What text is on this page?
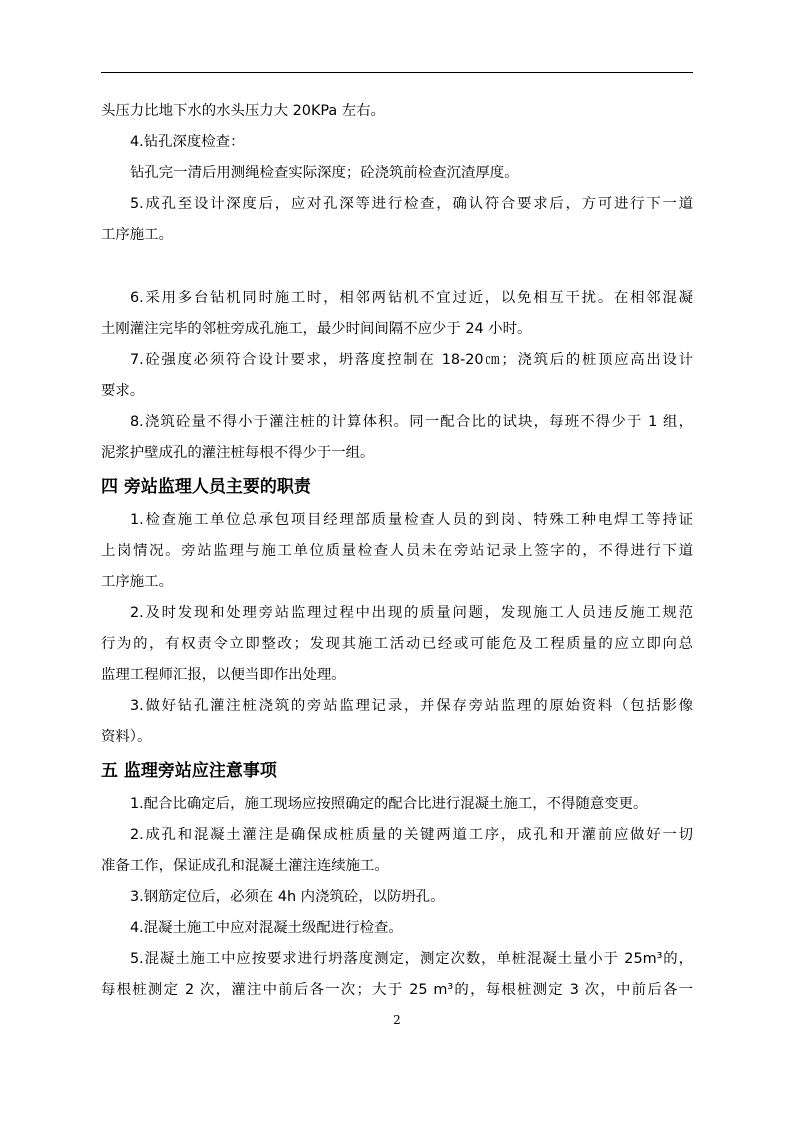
头压力比地下水的水头压力大 20KPa 左右。
4.钻孔深度检查：
钻孔完一清后用测绳检查实际深度；砼浇筑前检查沉渣厚度。
5.成孔至设计深度后，应对孔深等进行检查，确认符合要求后，方可进行下一道
工序施工。
6.采用多台钻机同时施工时，相邻两钻机不宜过近，以免相互干扰。在相邻混凝
土刚灌注完毕的邻桩旁成孔施工，最少时间间隔不应少于 24 小时。
7.砼强度必须符合设计要求，坍落度控制在 18-20㎝；浇筑后的桩顶应高出设计
要求。
8.浇筑砼量不得小于灌注桩的计算体积。同一配合比的试块，每班不得少于 1 组，
泥浆护壁成孔的灌注桩每根不得少于一组。
四 旁站监理人员主要的职责
1.检查施工单位总承包项目经理部质量检查人员的到岗、特殊工种电焊工等持证
上岗情况。旁站监理与施工单位质量检查人员未在旁站记录上签字的，不得进行下道
工序施工。
2.及时发现和处理旁站监理过程中出现的质量问题，发现施工人员违反施工规范
行为的，有权责令立即整改；发现其施工活动已经或可能危及工程质量的应立即向总
监理工程师汇报，以便当即作出处理。
3.做好钻孔灌注桩浇筑的旁站监理记录，并保存旁站监理的原始资料（包括影像
资料）。
五 监理旁站应注意事项
1.配合比确定后，施工现场应按照确定的配合比进行混凝土施工，不得随意变更。
2.成孔和混凝土灌注是确保成桩质量的关键两道工序，成孔和开灌前应做好一切
准备工作，保证成孔和混凝土灌注连续施工。
3.钢筋定位后，必须在 4h 内浇筑砼，以防坍孔。
4.混凝土施工中应对混凝土级配进行检查。
5.混凝土施工中应按要求进行坍落度测定，测定次数，单桩混凝土量小于 25m³的，
每根桩测定 2 次，灌注中前后各一次；大于 25 m³的，每根桩测定 3 次，中前后各一
2
